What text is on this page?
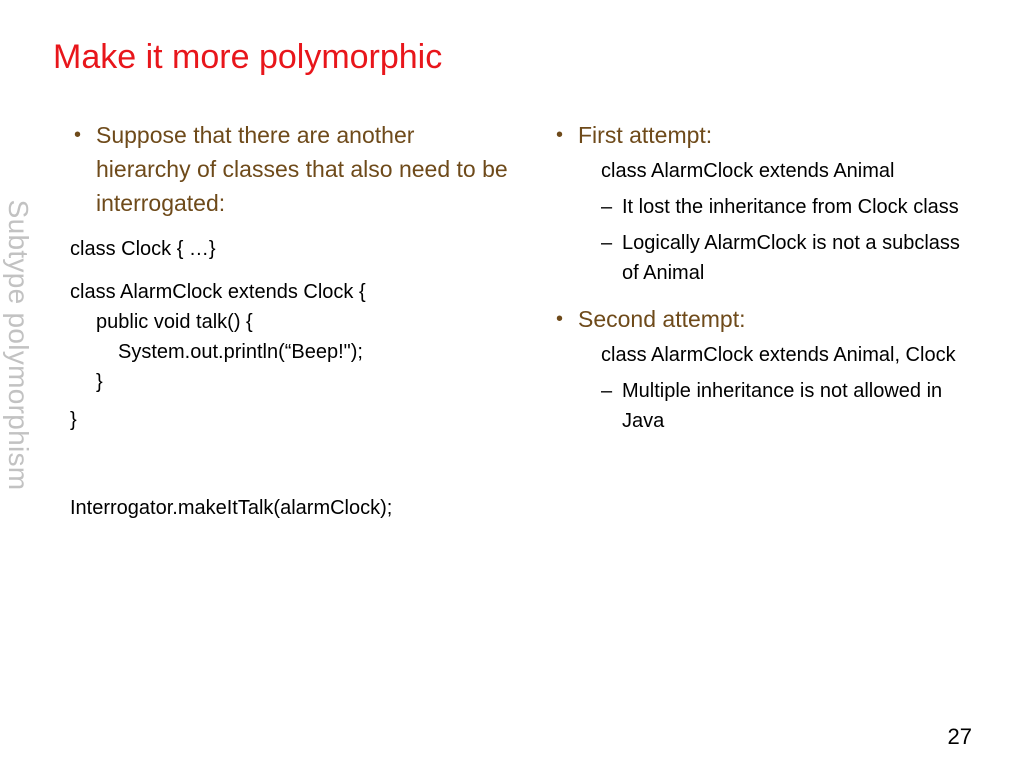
Make it more polymorphic
Subtype polymorphism
• Suppose that there are another hierarchy of classes that also need to be interrogated:
class Clock { …}
class AlarmClock extends Clock {
public void talk() {
System.out.println(“Beep!");
}
}
Interrogator.makeItTalk(alarmClock);
• First attempt:
class AlarmClock extends Animal
– It lost the inheritance from Clock class
– Logically AlarmClock is not a subclass of Animal
• Second attempt:
class AlarmClock extends Animal, Clock
– Multiple inheritance is not allowed in Java
27
